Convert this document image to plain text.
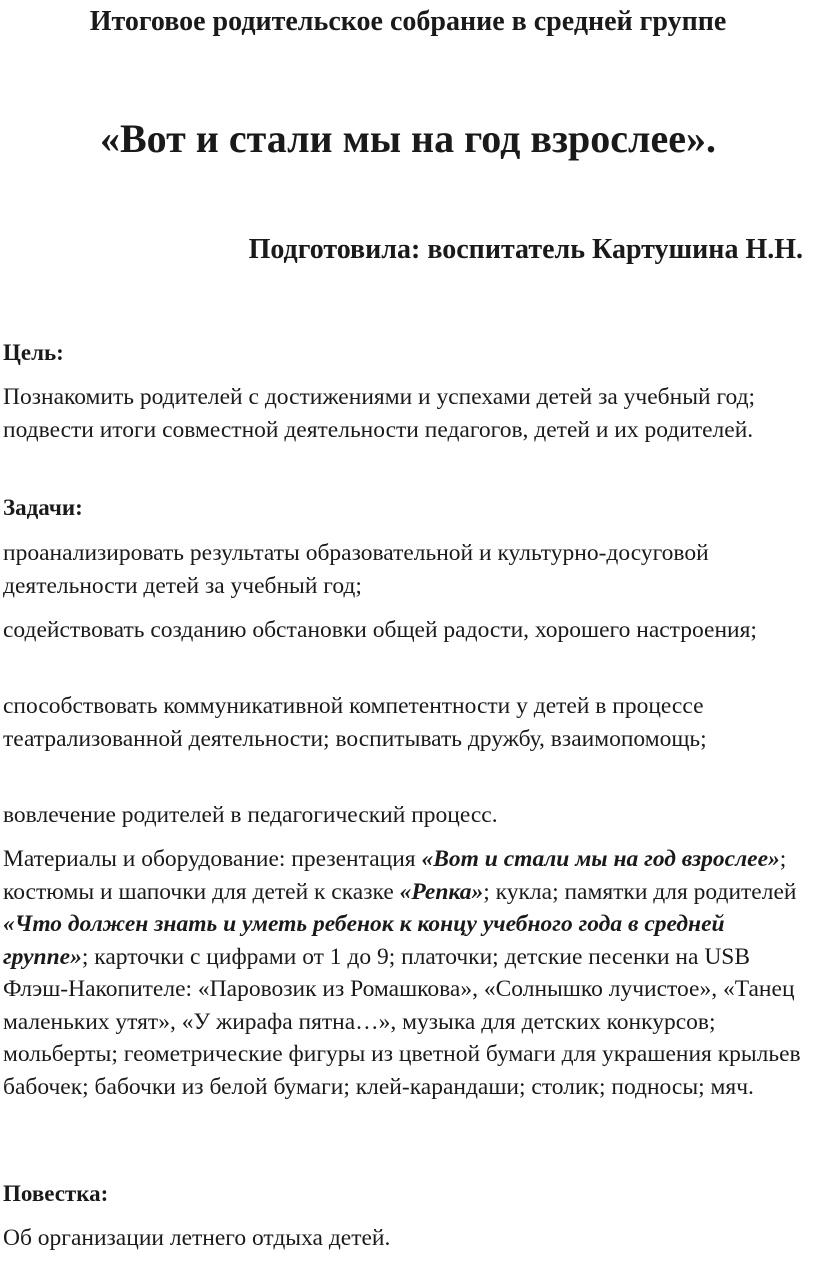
Итоговое родительское собрание в средней группе
«Вот и стали мы на год взрослее».
Подготовила: воспитатель Картушина Н.Н.
Цель:
Познакомить родителей с достижениями и успехами детей за учебный год; подвести итоги совместной деятельности педагогов, детей и их родителей.
Задачи:
проанализировать результаты образовательной и культурно-досуговой деятельности детей за учебный год;
содействовать созданию обстановки общей радости, хорошего настроения;
способствовать коммуникативной компетентности у детей в процессе театрализованной деятельности; воспитывать дружбу, взаимопомощь;
вовлечение родителей в педагогический процесс.
Материалы и оборудование: презентация «Вот и стали мы на год взрослее»; костюмы и шапочки для детей к сказке «Репка»; кукла; памятки для родителей «Что должен знать и уметь ребенок к концу учебного года в средней группе»; карточки с цифрами от 1 до 9; платочки; детские песенки на USB Флэш-Накопителе: «Паровозик из Ромашкова», «Солнышко лучистое», «Танец маленьких утят», «У жирафа пятна…», музыка для детских конкурсов; мольберты; геометрические фигуры из цветной бумаги для украшения крыльев бабочек; бабочки из белой бумаги; клей-карандаши; столик; подносы; мяч.
Повестка:
Об организации летнего отдыха детей.
